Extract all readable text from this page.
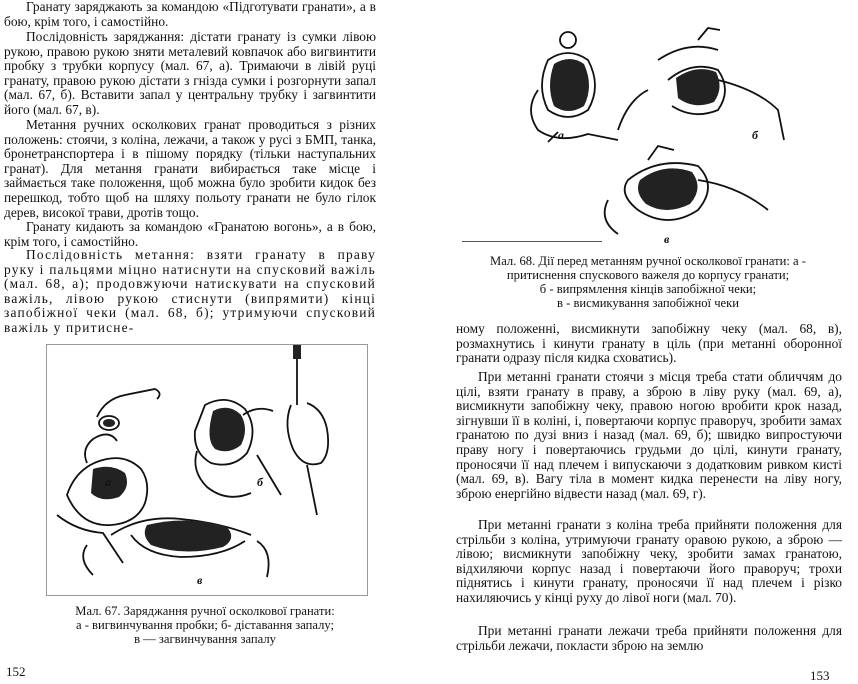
Гранату заряджають за командою «Підготувати гранати», а в бою, крім того, і самостійно.

Послідовність заряджання: дістати гранату із сумки лівою рукою, правою рукою зняти металевий ковпачок або вигвинтити пробку з трубки корпусу (мал. 67, а). Тримаючи в лівій руці гранату, правою рукою дістати з гнізда сумки і розгорнути запал (мал. 67, б). Вставити запал у центральну трубку і загвинтити його (мал. 67, в).

Метання ручних осколкових гранат проводиться з різних положень: стоячи, з коліна, лежачи, а також у русі з БМП, танка, бронетранспортера і в пішому порядку (тільки наступальних гранат). Для метання гранати вибирається таке місце і займається таке положення, щоб можна було зробити кидок без перешкод, тобто щоб на шляху польоту гранати не було гілок дерев, високої трави, дротів тощо.

Гранату кидають за командою «Гранатою вогонь», а в бою, крім того, і самостійно.

Послідовність метання: взяти гранату в праву руку і пальцями міцно натиснути на спусковий важіль (мал. 68, а); продовжуючи натискувати на спусковий важіль, лівою рукою стиснути (випрямити) кінці запобіжної чеки (мал. 68, б); утримуючи спусковий важіль у притисне-

а	б
в
Мал. 67. Заряджання ручної осколкової гранати:
а - вигвинчування пробки; б- діставання запалу;
в — загвинчування запалу
152
а	б
в
Мал. 68. Дії перед метанням ручної осколкової гранати: а - притиснення спускового важеля до корпусу гранати;
б - випрямлення кінців запобіжної чеки;
в - висмикування запобіжної чеки

ному положенні, висмикнути запобіжну чеку (мал. 68, в), розмахнутись і кинути гранату в ціль (при метанні оборонної гранати одразу після кидка сховатись).

При метанні гранати стоячи з місця треба стати обличчям до цілі, взяти гранату в праву, а зброю в ліву руку (мал. 69, а), висмикнути запобіжну чеку, правою ногою вробити крок назад, зігнувши її в коліні, і, повертаючи корпус праворуч, зробити замах гранатою по дузі вниз і назад (мал. 69, б); швидко випростуючи праву ногу і повертаючись грудьми до цілі, кинути гранату, проносячи її над плечем і випускаючи з додатковим ривком кисті (мал. 69, в). Вагу тіла в момент кидка перенести на ліву ногу, зброю енергійно відвести назад (мал. 69, г).

При метанні гранати з коліна треба прийняти положення для стрільби з коліна, утримуючи гранату оравою рукою, а зброю — лівою; висмикнути запобіжну чеку, зробити замах гранатою, відхиляючи корпус назад і повертаючи його праворуч; трохи піднятись і кинути гранату, проносячи її над плечем і різко нахиляючись у кінці руху до лівої ноги (мал. 70).

При метанні гранати лежачи треба прийняти положення для стрільби лежачи, покласти зброю на землю

153
